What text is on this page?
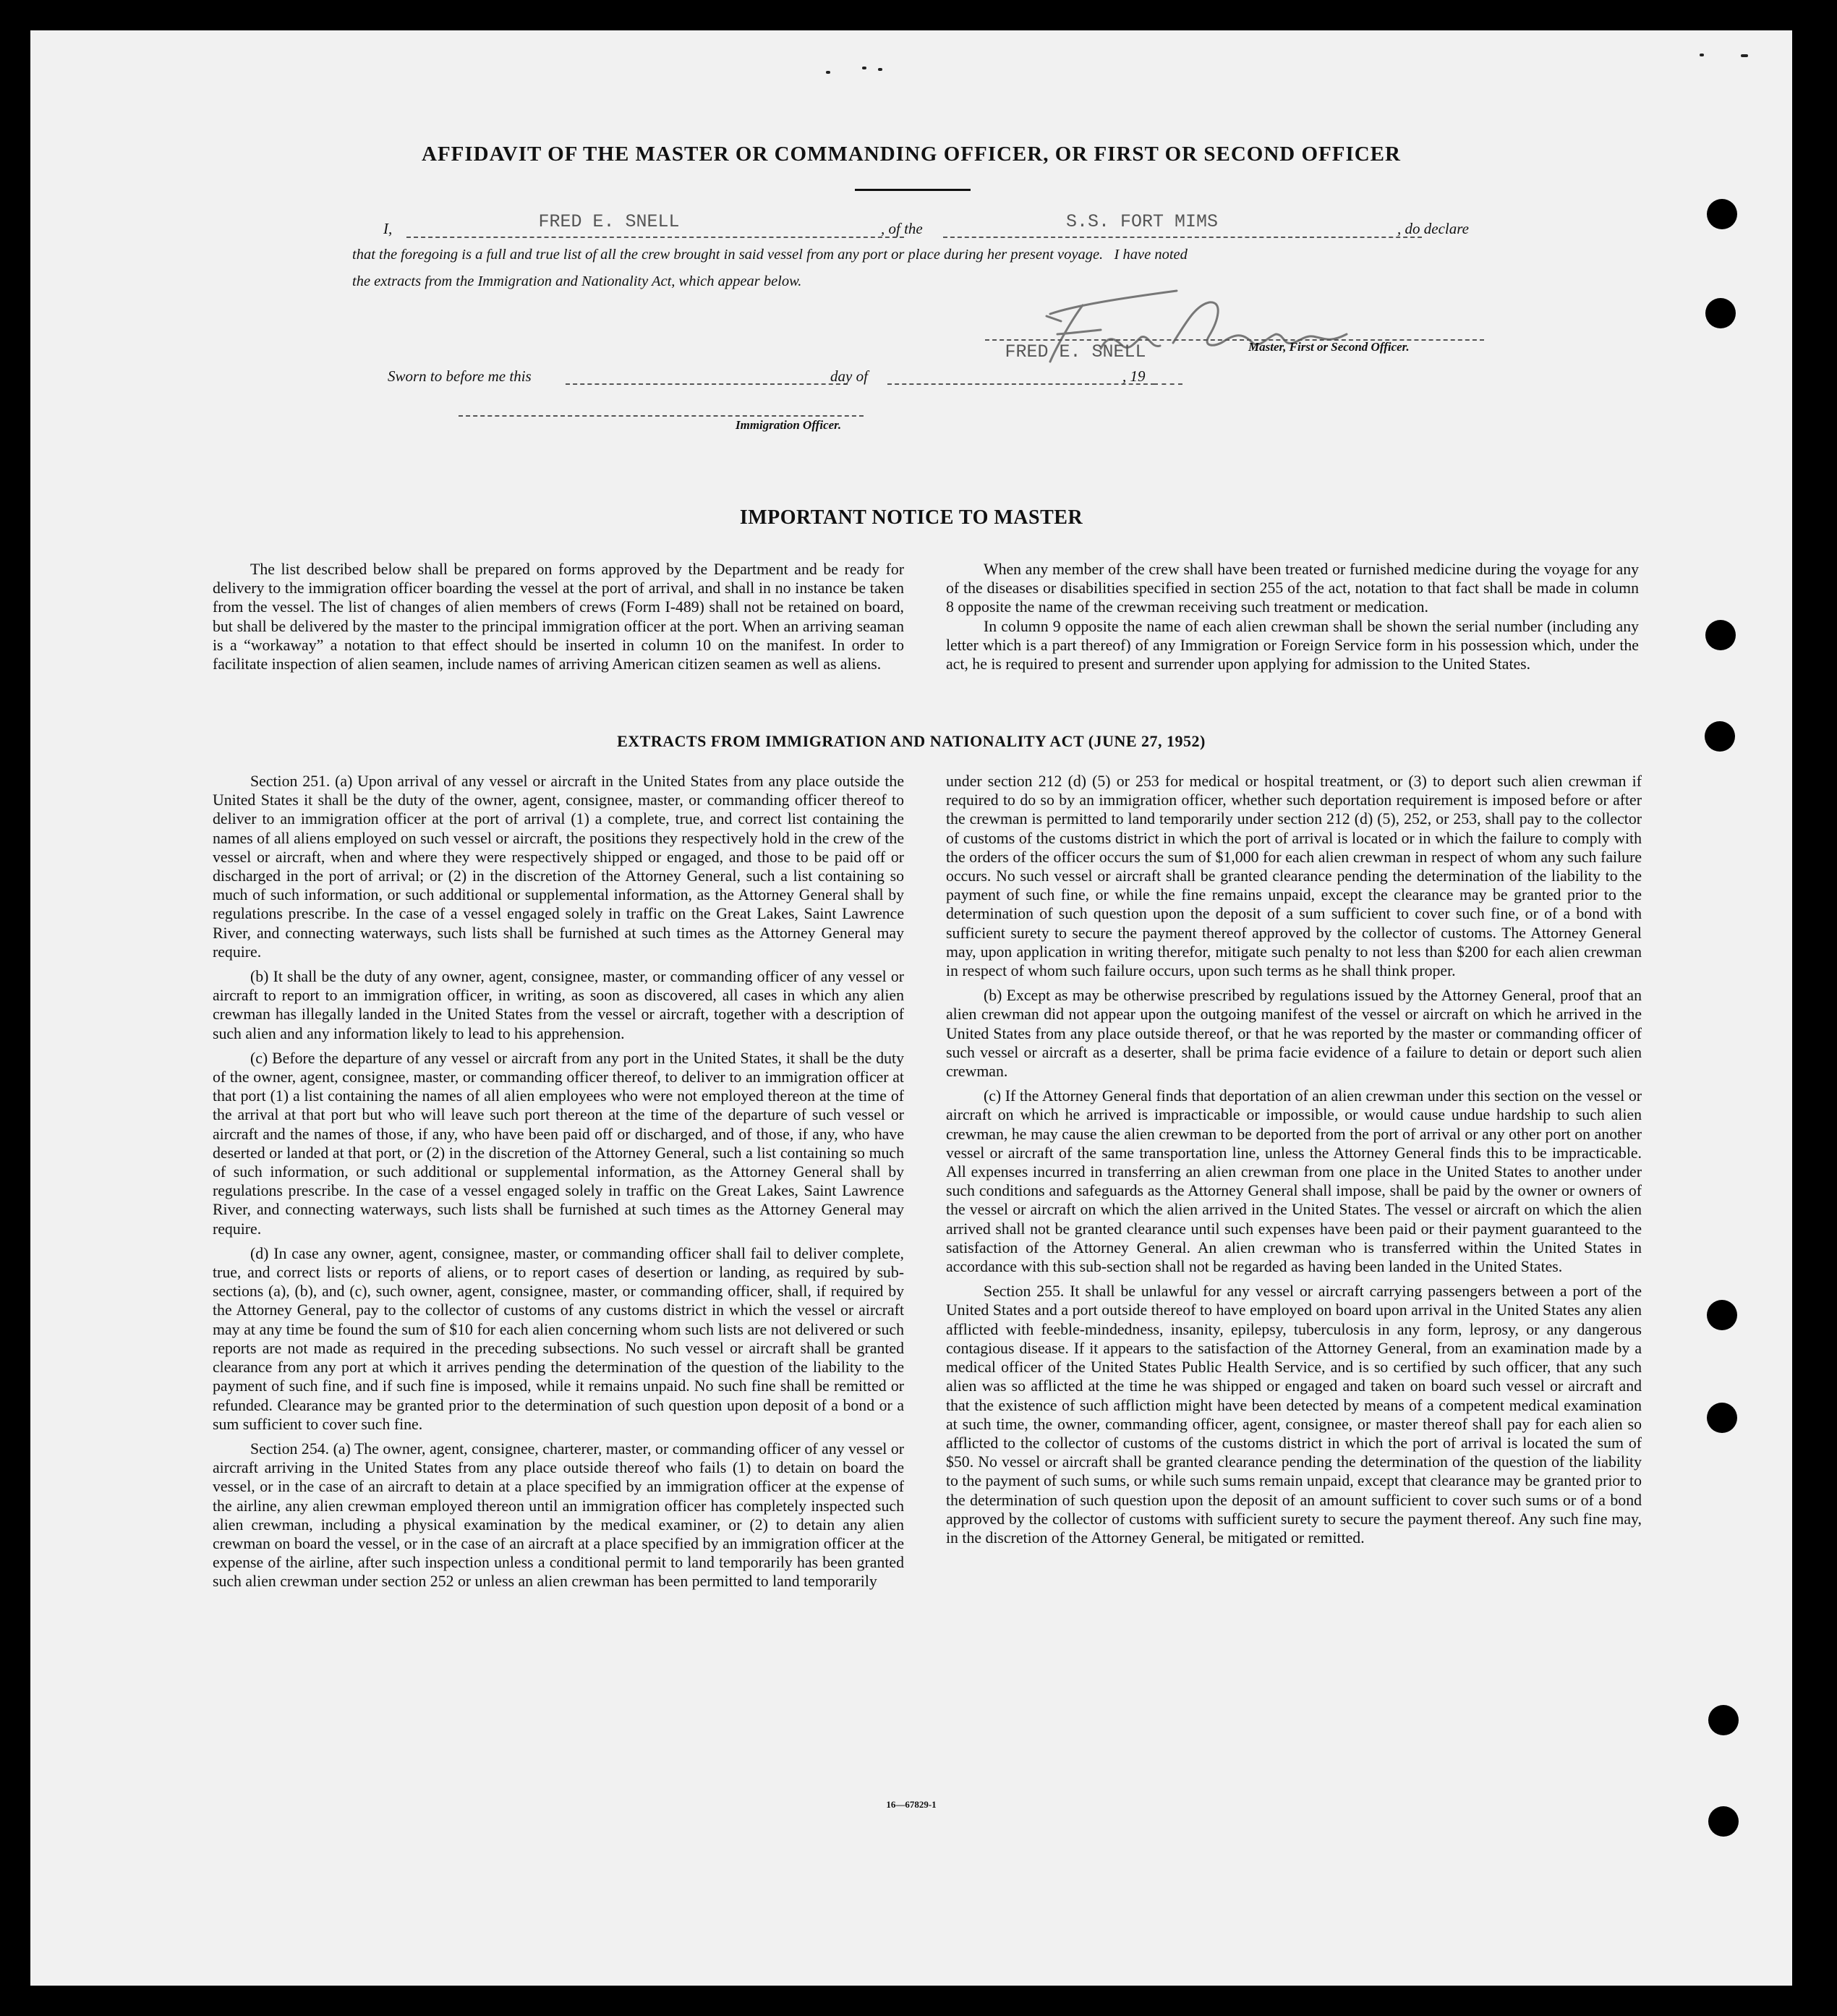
AFFIDAVIT OF THE MASTER OR COMMANDING OFFICER, OR FIRST OR SECOND OFFICER
I,	FRED E. SNELL	, of the	S.S. FORT MIMS	, do declare
that the foregoing is a full and true list of all the crew brought in said vessel from any port or place during her present voyage.   I have noted
the extracts from the Immigration and Nationality Act, which appear below.
FRED E. SNELL	Master, First or Second Officer.
Sworn to before me this	day of	, 19
Immigration Officer.
IMPORTANT NOTICE TO MASTER

The list described below shall be prepared on forms approved by the Department and be ready for delivery to the immigration officer boarding the vessel at the port of arrival, and shall in no instance be taken from the vessel. The list of changes of alien members of crews (Form I-489) shall not be retained on board, but shall be delivered by the master to the principal immigration officer at the port. When an arriving seaman is a “workaway” a notation to that effect should be inserted in column 10 on the manifest. In order to facilitate inspection of alien seamen, include names of arriving American citizen seamen as well as aliens.

When any member of the crew shall have been treated or furnished medicine during the voyage for any of the diseases or disabilities specified in section 255 of the act, notation to that fact shall be made in column 8 opposite the name of the crewman receiving such treatment or medication.

In column 9 opposite the name of each alien crewman shall be shown the serial number (including any letter which is a part thereof) of any Immigration or Foreign Service form in his possession which, under the act, he is required to present and surrender upon applying for admission to the United States.

EXTRACTS FROM IMMIGRATION AND NATIONALITY ACT (JUNE 27, 1952)

Section 251. (a) Upon arrival of any vessel or aircraft in the United States from any place outside the United States it shall be the duty of the owner, agent, consignee, master, or commanding officer thereof to deliver to an immigration officer at the port of arrival (1) a complete, true, and correct list containing the names of all aliens employed on such vessel or aircraft, the positions they respectively hold in the crew of the vessel or aircraft, when and where they were respectively shipped or engaged, and those to be paid off or discharged in the port of arrival; or (2) in the discretion of the Attorney General, such a list containing so much of such information, or such additional or supplemental information, as the Attorney General shall by regulations prescribe. In the case of a vessel engaged solely in traffic on the Great Lakes, Saint Lawrence River, and connecting waterways, such lists shall be furnished at such times as the Attorney General may require.

(b) It shall be the duty of any owner, agent, consignee, master, or commanding officer of any vessel or aircraft to report to an immigration officer, in writing, as soon as discovered, all cases in which any alien crewman has illegally landed in the United States from the vessel or aircraft, together with a description of such alien and any information likely to lead to his apprehension.

(c) Before the departure of any vessel or aircraft from any port in the United States, it shall be the duty of the owner, agent, consignee, master, or commanding officer thereof, to deliver to an immigration officer at that port (1) a list containing the names of all alien employees who were not employed thereon at the time of the arrival at that port but who will leave such port thereon at the time of the departure of such vessel or aircraft and the names of those, if any, who have been paid off or discharged, and of those, if any, who have deserted or landed at that port, or (2) in the discretion of the Attorney General, such a list containing so much of such information, or such additional or supplemental information, as the Attorney General shall by regulations prescribe. In the case of a vessel engaged solely in traffic on the Great Lakes, Saint Lawrence River, and connecting waterways, such lists shall be furnished at such times as the Attorney General may require.

(d) In case any owner, agent, consignee, master, or commanding officer shall fail to deliver complete, true, and correct lists or reports of aliens, or to report cases of desertion or landing, as required by sub-sections (a), (b), and (c), such owner, agent, consignee, master, or commanding officer, shall, if required by the Attorney General, pay to the collector of customs of any customs district in which the vessel or aircraft may at any time be found the sum of $10 for each alien concerning whom such lists are not delivered or such reports are not made as required in the preceding subsections. No such vessel or aircraft shall be granted clearance from any port at which it arrives pending the determination of the question of the liability to the payment of such fine, and if such fine is imposed, while it remains unpaid. No such fine shall be remitted or refunded. Clearance may be granted prior to the determination of such question upon deposit of a bond or a sum sufficient to cover such fine.

Section 254. (a) The owner, agent, consignee, charterer, master, or commanding officer of any vessel or aircraft arriving in the United States from any place outside thereof who fails (1) to detain on board the vessel, or in the case of an aircraft to detain at a place specified by an immigration officer at the expense of the airline, any alien crewman employed thereon until an immigration officer has completely inspected such alien crewman, including a physical examination by the medical examiner, or (2) to detain any alien crewman on board the vessel, or in the case of an aircraft at a place specified by an immigration officer at the expense of the airline, after such inspection unless a conditional permit to land temporarily has been granted such alien crewman under section 252 or unless an alien crewman has been permitted to land temporarily

under section 212 (d) (5) or 253 for medical or hospital treatment, or (3) to deport such alien crewman if required to do so by an immigration officer, whether such deportation requirement is imposed before or after the crewman is permitted to land temporarily under section 212 (d) (5), 252, or 253, shall pay to the collector of customs of the customs district in which the port of arrival is located or in which the failure to comply with the orders of the officer occurs the sum of $1,000 for each alien crewman in respect of whom any such failure occurs. No such vessel or aircraft shall be granted clearance pending the determination of the liability to the payment of such fine, or while the fine remains unpaid, except the clearance may be granted prior to the determination of such question upon the deposit of a sum sufficient to cover such fine, or of a bond with sufficient surety to secure the payment thereof approved by the collector of customs. The Attorney General may, upon application in writing therefor, mitigate such penalty to not less than $200 for each alien crewman in respect of whom such failure occurs, upon such terms as he shall think proper.

(b) Except as may be otherwise prescribed by regulations issued by the Attorney General, proof that an alien crewman did not appear upon the outgoing manifest of the vessel or aircraft on which he arrived in the United States from any place outside thereof, or that he was reported by the master or commanding officer of such vessel or aircraft as a deserter, shall be prima facie evidence of a failure to detain or deport such alien crewman.

(c) If the Attorney General finds that deportation of an alien crewman under this section on the vessel or aircraft on which he arrived is impracticable or impossible, or would cause undue hardship to such alien crewman, he may cause the alien crewman to be deported from the port of arrival or any other port on another vessel or aircraft of the same transportation line, unless the Attorney General finds this to be impracticable. All expenses incurred in transferring an alien crewman from one place in the United States to another under such conditions and safeguards as the Attorney General shall impose, shall be paid by the owner or owners of the vessel or aircraft on which the alien arrived in the United States. The vessel or aircraft on which the alien arrived shall not be granted clearance until such expenses have been paid or their payment guaranteed to the satisfaction of the Attorney General. An alien crewman who is transferred within the United States in accordance with this sub-section shall not be regarded as having been landed in the United States.

Section 255. It shall be unlawful for any vessel or aircraft carrying passengers between a port of the United States and a port outside thereof to have employed on board upon arrival in the United States any alien afflicted with feeble-mindedness, insanity, epilepsy, tuberculosis in any form, leprosy, or any dangerous contagious disease. If it appears to the satisfaction of the Attorney General, from an examination made by a medical officer of the United States Public Health Service, and is so certified by such officer, that any such alien was so afflicted at the time he was shipped or engaged and taken on board such vessel or aircraft and that the existence of such affliction might have been detected by means of a competent medical examination at such time, the owner, commanding officer, agent, consignee, or master thereof shall pay for each alien so afflicted to the collector of customs of the customs district in which the port of arrival is located the sum of $50. No vessel or aircraft shall be granted clearance pending the determination of the question of the liability to the payment of such sums, or while such sums remain unpaid, except that clearance may be granted prior to the determination of such question upon the deposit of an amount sufficient to cover such sums or of a bond approved by the collector of customs with sufficient surety to secure the payment thereof. Any such fine may, in the discretion of the Attorney General, be mitigated or remitted.

16—67829-1
